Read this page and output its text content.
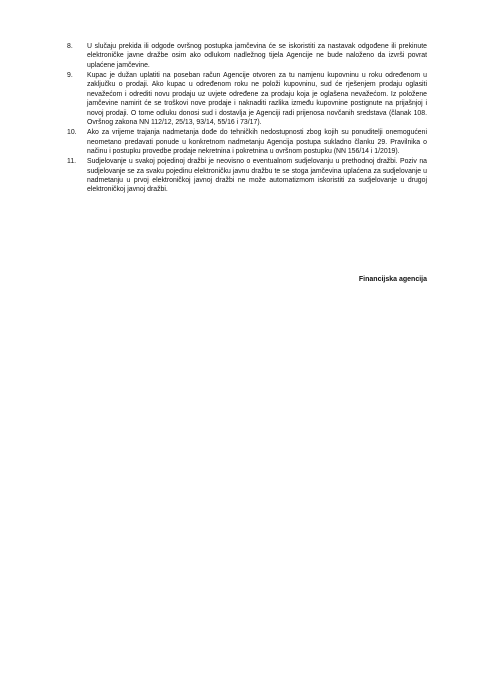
8.	U slučaju prekida ili odgode ovršnog postupka jamčevina će se iskoristiti za nastavak odgođene ili prekinute elektroničke javne dražbe osim ako odlukom nadležnog tijela Agencije ne bude naloženo da izvrši povrat uplaćene jamčevine.
9.	Kupac je dužan uplatiti na poseban račun Agencije otvoren za tu namjenu kupovninu u roku određenom u zaključku o prodaji. Ako kupac u određenom roku ne položi kupovninu, sud će rješenjem prodaju oglasiti nevažećom i odrediti novu prodaju uz uvjete određene za prodaju koja je oglašena nevažećom. Iz položene jamčevine namirit će se troškovi nove prodaje i naknaditi razlika između kupovnine postignute na prijašnjoj i novoj prodaji. O tome odluku donosi sud i dostavlja je Agenciji radi prijenosa novčanih sredstava (članak 108. Ovršnog zakona NN 112/12, 25/13, 93/14, 55/16 i 73/17).
10.	Ako za vrijeme trajanja nadmetanja dođe do tehničkih nedostupnosti zbog kojih su ponuditelji onemogućeni neometano predavati ponude u konkretnom nadmetanju Agencija postupa sukladno članku 29. Pravilnika o načinu i postupku provedbe prodaje nekretnina i pokretnina u ovršnom postupku (NN 156/14 i 1/2019).
11.	Sudjelovanje u svakoj pojedinoj dražbi je neovisno o eventualnom sudjelovanju u prethodnoj dražbi. Poziv na sudjelovanje se za svaku pojedinu elektroničku javnu dražbu te se stoga jamčevina uplaćena za sudjelovanje u nadmetanju u prvoj elektroničkoj javnoj dražbi ne može automatizmom iskoristiti za sudjelovanje u drugoj elektroničkoj javnoj dražbi.
Financijska agencija
